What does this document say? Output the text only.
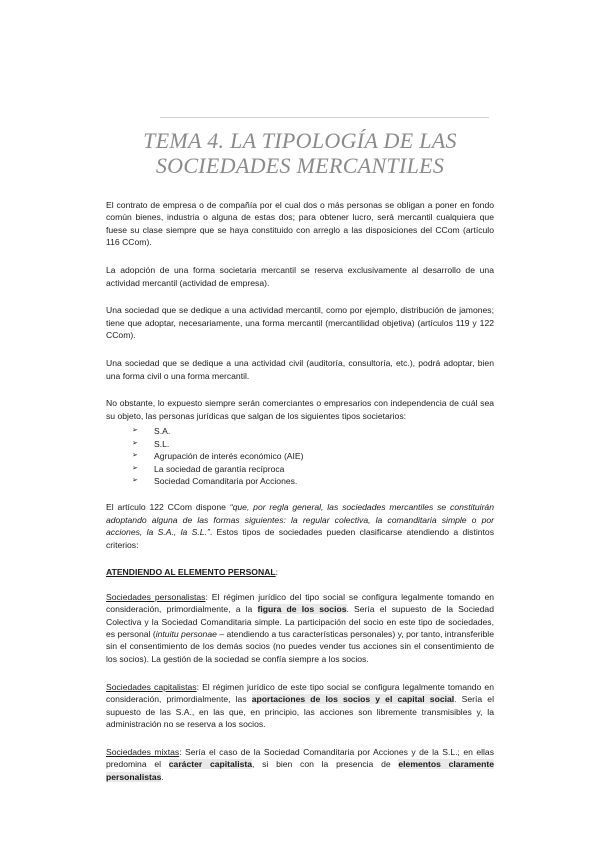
TEMA 4. LA TIPOLOGÍA DE LAS
SOCIEDADES MERCANTILES

El contrato de empresa o de compañía por el cual dos o más personas se obligan a poner en fondo común bienes, industria o alguna de estas dos; para obtener lucro, será mercantil cualquiera que fuese su clase siempre que se haya constituido con arreglo a las disposiciones del CCom (artículo 116 CCom).

La adopción de una forma societaria mercantil se reserva exclusivamente al desarrollo de una actividad mercantil (actividad de empresa).

Una sociedad que se dedique a una actividad mercantil, como por ejemplo, distribución de jamones; tiene que adoptar, necesariamente, una forma mercantil (mercantilidad objetiva) (artículos 119 y 122 CCom).

Una sociedad que se dedique a una actividad civil (auditoría, consultoría, etc.), podrá adoptar, bien una forma civil o una forma mercantil.

No obstante, lo expuesto siempre serán comerciantes o empresarios con independencia de cuál sea su objeto, las personas jurídicas que salgan de los siguientes tipos societarios:

➢ S.A.
➢ S.L.
➢ Agrupación de interés económico (AIE)
➢ La sociedad de garantía recíproca
➢ Sociedad Comanditaria por Acciones.

El artículo 122 CCom dispone “que, por regla general, las sociedades mercantiles se constituirán adoptando alguna de las formas siguientes: la regular colectiva, la comanditaria simple o por acciones, la S.A., la S.L.”. Estos tipos de sociedades pueden clasificarse atendiendo a distintos criterios:

ATENDIENDO AL ELEMENTO PERSONAL:

Sociedades personalistas: El régimen jurídico del tipo social se configura legalmente tomando en consideración, primordialmente, a la figura de los socios. Sería el supuesto de la Sociedad Colectiva y la Sociedad Comanditaria simple. La participación del socio en este tipo de sociedades, es personal (intuitu personae – atendiendo a tus características personales) y, por tanto, intransferible sin el consentimiento de los demás socios (no puedes vender tus acciones sin el consentimiento de los socios). La gestión de la sociedad se confía siempre a los socios.

Sociedades capitalistas: El régimen jurídico de este tipo social se configura legalmente tomando en consideración, primordialmente, las aportaciones de los socios y el capital social. Sería el supuesto de las S.A., en las que, en principio, las acciones son libremente transmisibles y, la administración no se reserva a los socios.

Sociedades mixtas: Sería el caso de la Sociedad Comanditaria por Acciones y de la S.L.; en ellas predomina el carácter capitalista, si bien con la presencia de elementos claramente personalistas.
